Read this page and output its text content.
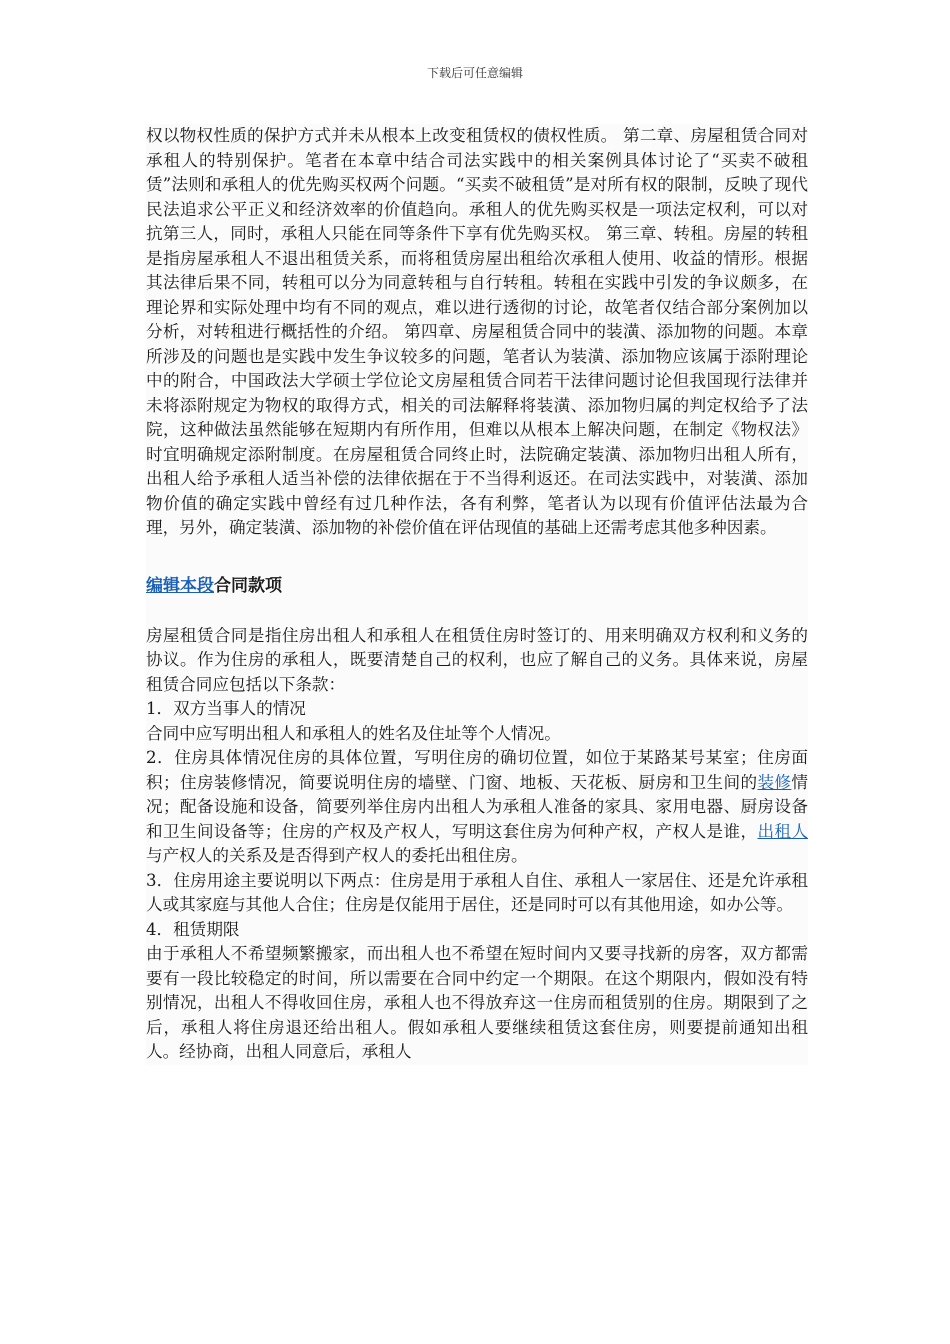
下载后可任意编辑

权以物权性质的保护方式并未从根本上改变租赁权的债权性质。 第二章、房屋租赁合同对承租人的特别保护。笔者在本章中结合司法实践中的相关案例具体讨论了“买卖不破租赁”法则和承租人的优先购买权两个问题。“买卖不破租赁”是对所有权的限制，反映了现代民法追求公平正义和经济效率的价值趋向。承租人的优先购买权是一项法定权利，可以对抗第三人，同时，承租人只能在同等条件下享有优先购买权。 第三章、转租。房屋的转租是指房屋承租人不退出租赁关系，而将租赁房屋出租给次承租人使用、收益的情形。根据其法律后果不同，转租可以分为同意转租与自行转租。转租在实践中引发的争议颇多，在理论界和实际处理中均有不同的观点，难以进行透彻的讨论，故笔者仅结合部分案例加以分析，对转租进行概括性的介绍。 第四章、房屋租赁合同中的装潢、添加物的问题。本章所涉及的问题也是实践中发生争议较多的问题，笔者认为装潢、添加物应该属于添附理论中的附合，中国政法大学硕士学位论文房屋租赁合同若干法律问题讨论但我国现行法律并未将添附规定为物权的取得方式，相关的司法解释将装潢、添加物归属的判定权给予了法院，这种做法虽然能够在短期内有所作用，但难以从根本上解决问题，在制定《物权法》时宜明确规定添附制度。在房屋租赁合同终止时，法院确定装潢、添加物归出租人所有，出租人给予承租人适当补偿的法律依据在于不当得利返还。在司法实践中，对装潢、添加物价值的确定实践中曾经有过几种作法，各有利弊，笔者认为以现有价值评估法最为合理，另外，确定装潢、添加物的补偿价值在评估现值的基础上还需考虑其他多种因素。

编辑本段合同款项

房屋租赁合同是指住房出租人和承租人在租赁住房时签订的、用来明确双方权利和义务的协议。作为住房的承租人，既要清楚自己的权利，也应了解自己的义务。具体来说，房屋租赁合同应包括以下条款：

1．双方当事人的情况

合同中应写明出租人和承租人的姓名及住址等个人情况。

2．住房具体情况住房的具体位置，写明住房的确切位置，如位于某路某号某室；住房面积；住房装修情况，简要说明住房的墙壁、门窗、地板、天花板、厨房和卫生间的装修情况；配备设施和设备，简要列举住房内出租人为承租人准备的家具、家用电器、厨房设备和卫生间设备等；住房的产权及产权人，写明这套住房为何种产权，产权人是谁，出租人与产权人的关系及是否得到产权人的委托出租住房。

3．住房用途主要说明以下两点：住房是用于承租人自住、承租人一家居住、还是允许承租人或其家庭与其他人合住；住房是仅能用于居住，还是同时可以有其他用途，如办公等。

4．租赁期限

由于承租人不希望频繁搬家，而出租人也不希望在短时间内又要寻找新的房客，双方都需要有一段比较稳定的时间，所以需要在合同中约定一个期限。在这个期限内，假如没有特别情况，出租人不得收回住房，承租人也不得放弃这一住房而租赁别的住房。期限到了之后，承租人将住房退还给出租人。假如承租人要继续租赁这套住房，则要提前通知出租人。经协商，出租人同意后，承租人
